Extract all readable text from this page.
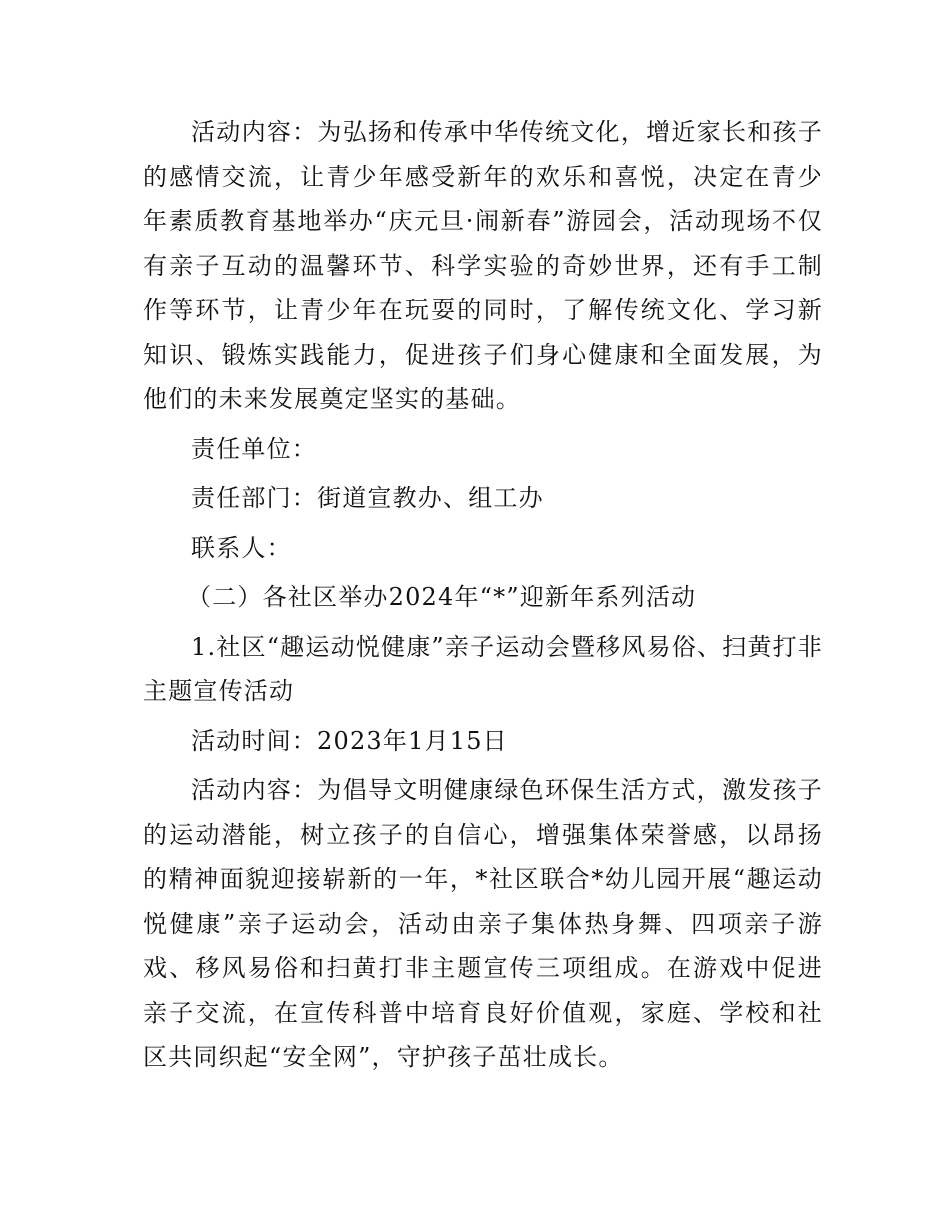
活动内容：为弘扬和传承中华传统文化，增近家长和孩子的感情交流，让青少年感受新年的欢乐和喜悦，决定在青少年素质教育基地举办“庆元旦·闹新春”游园会，活动现场不仅有亲子互动的温馨环节、科学实验的奇妙世界，还有手工制作等环节，让青少年在玩耍的同时，了解传统文化、学习新知识、锻炼实践能力，促进孩子们身心健康和全面发展，为他们的未来发展奠定坚实的基础。

责任单位：

责任部门：街道宣教办、组工办

联系人：

（二）各社区举办2024年“*”迎新年系列活动

1.社区“趣运动悦健康”亲子运动会暨移风易俗、扫黄打非主题宣传活动

活动时间：2023年1月15日

活动内容：为倡导文明健康绿色环保生活方式，激发孩子的运动潜能，树立孩子的自信心，增强集体荣誉感，以昂扬的精神面貌迎接崭新的一年，*社区联合*幼儿园开展“趣运动悦健康”亲子运动会，活动由亲子集体热身舞、四项亲子游戏、移风易俗和扫黄打非主题宣传三项组成。在游戏中促进亲子交流，在宣传科普中培育良好价值观，家庭、学校和社区共同织起“安全网”，守护孩子茁壮成长。
